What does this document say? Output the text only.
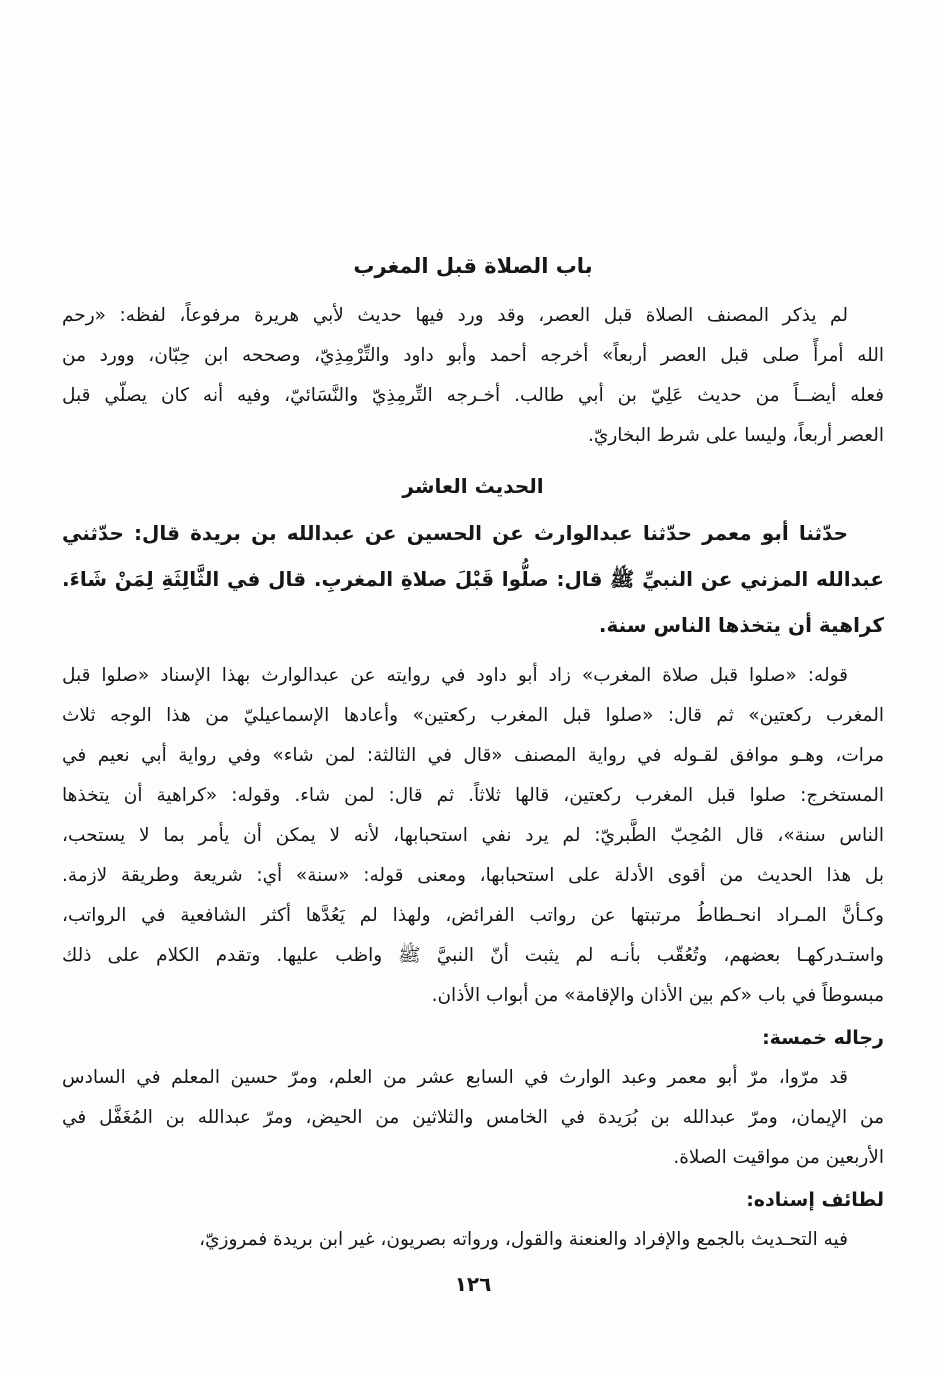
باب الصلاة قبل المغرب
لم يذكر المصنف الصلاة قبل العصر، وقد ورد فيها حديث لأبي هريرة مرفوعاً، لفظه: «رحم
الله أمرأً صلى قبل العصر أربعاً» أخرجه أحمد وأبو داود والتِّرْمِذِيّ، وصححه ابن حِبّان، وورد من
فعله أيضــاً من حديث عَلِيّ بن أبي طالب. أخـرجه التِّرمِذِيّ والنَّسَائيّ، وفيه أنه كان يصلّي قبل
العصر أربعاً، وليسا على شرط البخاريّ.
الحديث العاشر
حدّثنا أبو معمر حدّثنا عبدالوارث عن الحسين عن عبدالله بن بريدة قال: حدّثني
عبدالله المزني عن النبيِّ ﷺ قال: صلُّوا قَبْلَ صلاةِ المغربِ. قال في الثَّالِثَةِ لِمَنْ شَاءَ.
كراهية أن يتخذها الناس سنة.
قوله: «صلوا قبل صلاة المغرب» زاد أبو داود في روايته عن عبدالوارث بهذا الإسناد «صلوا قبل
المغرب ركعتين» ثم قال: «صلوا قبل المغرب ركعتين» وأعادها الإسماعيليّ من هذا الوجه ثلاث
مرات، وهـو موافق لقـوله في رواية المصنف «قال في الثالثة: لمن شاء» وفي رواية أبي نعيم في
المستخرج: صلوا قبل المغرب ركعتين، قالها ثلاثاً. ثم قال: لمن شاء. وقوله: «كراهية أن يتخذها
الناس سنة»، قال المُحِبّ الطَّبريّ: لم يرد نفي استحبابها، لأنه لا يمكن أن يأمر بما لا يستحب،
بل هذا الحديث من أقوى الأدلة على استحبابها، ومعنى قوله: «سنة» أي: شريعة وطريقة لازمة.
وكـأنَّ المـراد انحـطاطُ مرتبتها عن رواتب الفرائض، ولهذا لم يَعُدَّها أكثر الشافعية في الرواتب،
واستـدركهـا بعضهم، وتُعُقّب بأنـه لم يثبت أنّ النبيَّ ﷺ واظب عليها. وتقدم الكلام على ذلك
مبسوطاً في باب «كم بين الأذان والإقامة» من أبواب الأذان.
رجاله خمسة:
قد مرّوا، مرّ أبو معمر وعبد الوارث في السابع عشر من العلم، ومرّ حسين المعلم في السادس
من الإيمان، ومرّ عبدالله بن بُرَيدة في الخامس والثلاثين من الحيض، ومرّ عبدالله بن المُغَفَّل في
الأربعين من مواقيت الصلاة.
لطائف إسناده:
فيه التحـديث بالجمع والإفراد والعنعنة والقول، ورواته بصريون، غير ابن بريدة فمروزيّ،
١٢٦
